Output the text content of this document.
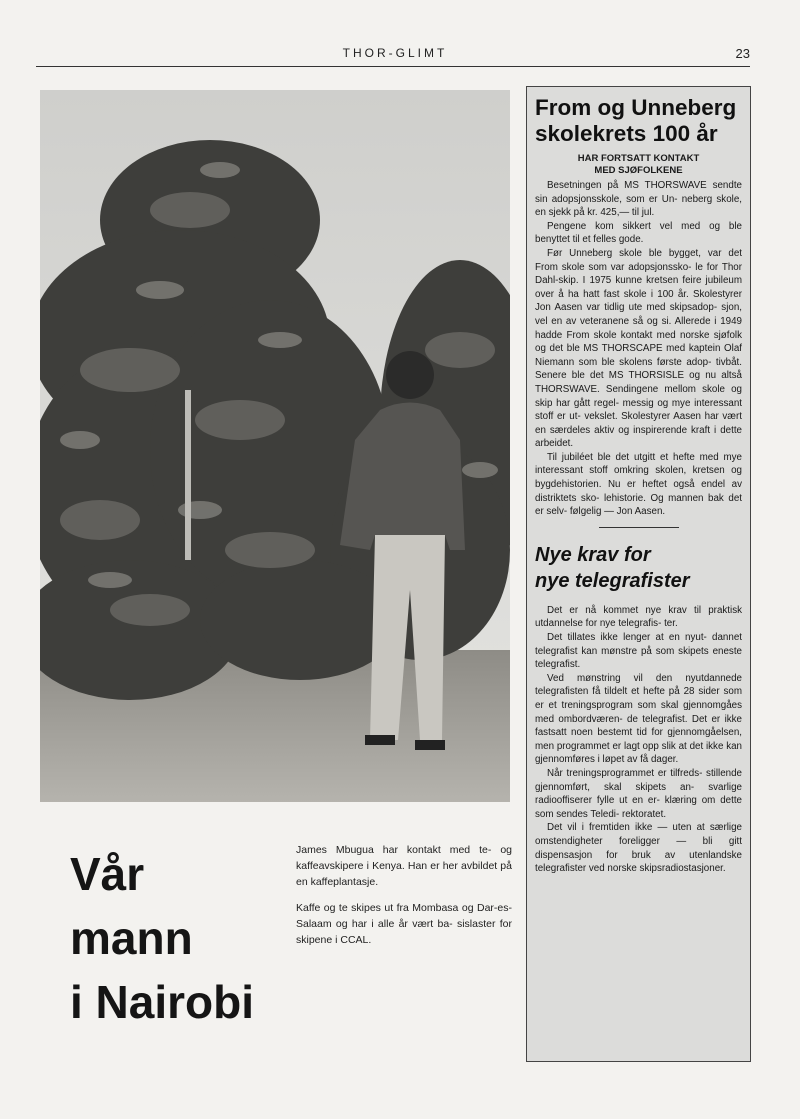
THOR-GLIMT	23
Vår
mann
i Nairobi

James Mbugua har kontakt med te- og kaffeavskipere i Kenya. Han er her avbildet på en kaffeplantasje.

Kaffe og te skipes ut fra Mombasa og Dar-es-Salaam og har i alle år vært ba- sislaster for skipene i CCAL.

From og Unneberg
skolekrets 100 år
HAR FORTSATT KONTAKT
MED SJØFOLKENE

Besetningen på MS THORSWAVE sendte sin adopsjonsskole, som er Un- neberg skole, en sjekk på kr. 425,— til jul.

Pengene kom sikkert vel med og ble benyttet til et felles gode.

Før Unneberg skole ble bygget, var det From skole som var adopsjonssko- le for Thor Dahl-skip. I 1975 kunne kretsen feire jubileum over å ha hatt fast skole i 100 år. Skolestyrer Jon Aasen var tidlig ute med skipsadop- sjon, vel en av veteranene så og si. Allerede i 1949 hadde From skole kontakt med norske sjøfolk og det ble MS THORSCAPE med kaptein Olaf Niemann som ble skolens første adop- tivbåt. Senere ble det MS THORSISLE og nu altså THORSWAVE. Sendingene mellom skole og skip har gått regel- messig og mye interessant stoff er ut- vekslet. Skolestyrer Aasen har vært en særdeles aktiv og inspirerende kraft i dette arbeidet.

Til jubiléet ble det utgitt et hefte med mye interessant stoff omkring skolen, kretsen og bygdehistorien. Nu er heftet også endel av distriktets sko- lehistorie. Og mannen bak det er selv- følgelig — Jon Aasen.

Nye krav for
nye telegrafister

Det er nå kommet nye krav til praktisk utdannelse for nye telegrafis- ter.

Det tillates ikke lenger at en nyut- dannet telegrafist kan mønstre på som skipets eneste telegrafist.

Ved mønstring vil den nyutdannede telegrafisten få tildelt et hefte på 28 sider som er et treningsprogram som skal gjennomgåes med ombordværen- de telegrafist. Det er ikke fastsatt noen bestemt tid for gjennomgåelsen, men programmet er lagt opp slik at det ikke kan gjennomføres i løpet av få dager.

Når treningsprogrammet er tilfreds- stillende gjennomført, skal skipets an- svarlige radiooffiserer fylle ut en er- klæring om dette som sendes Teledi- rektoratet.

Det vil i fremtiden ikke — uten at særlige omstendigheter foreligger — bli gitt dispensasjon for bruk av utenlandske telegrafister ved norske skipsradiostasjoner.
